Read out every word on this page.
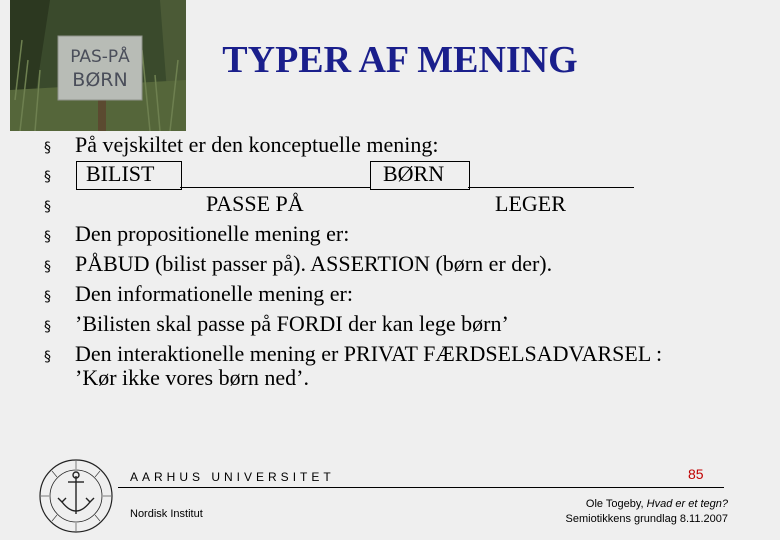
PAS-PÅ
BØRN	TYPER AF MENING
§
§
§
§
§
§
§
§
På vejskiltet er den konceptuelle mening:
BILIST	BØRN
PASSE PÅ	LEGER
Den propositionelle mening er:
PÅBUD (bilist passer på). ASSERTION (børn er der).
Den informationelle mening er:
’Bilisten skal passe på FORDI der kan lege børn’
Den interaktionelle mening er PRIVAT FÆRDSELSADVARSEL :
’Kør ikke vores børn ned’.
AARHUS UNIVERSITET	85
Nordisk Institut
Ole Togeby, Hvad er et tegn?
Semiotikkens grundlag 8.11.2007
